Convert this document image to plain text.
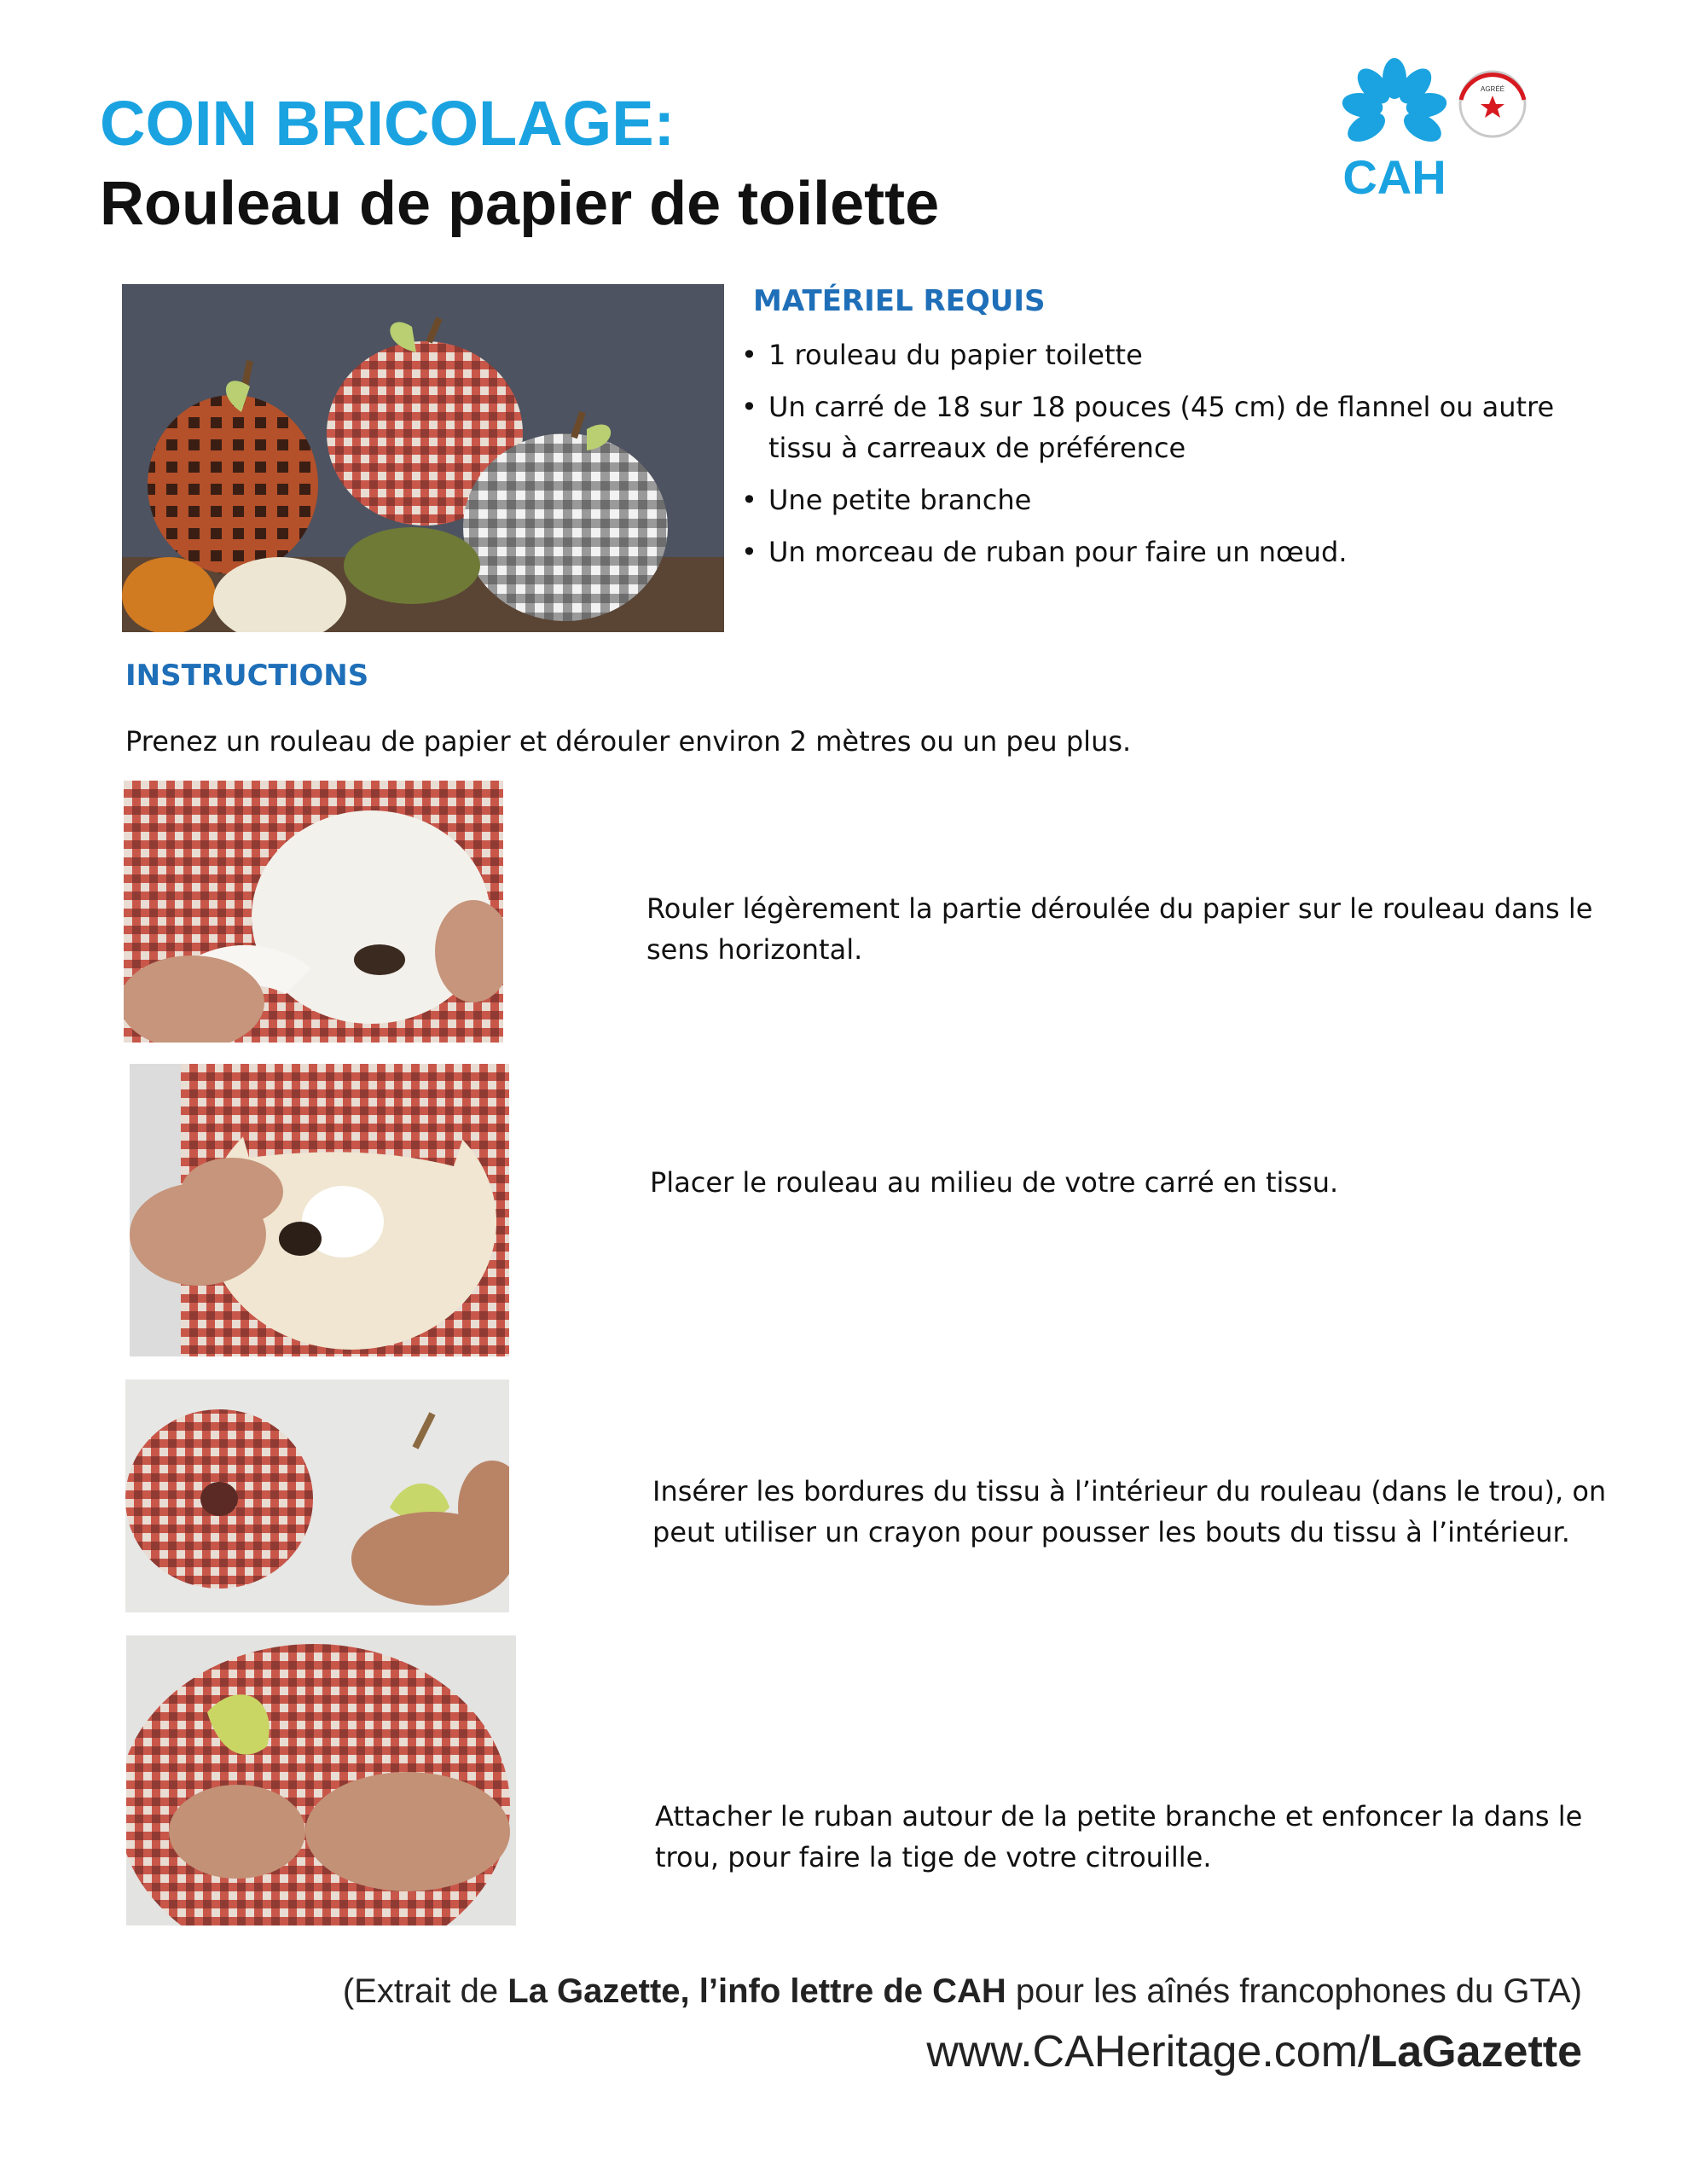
COIN BRICOLAGE:
Rouleau de papier de toilette	CAH
AGRÉÉ
MATÉRIEL REQUIS
• 1 rouleau du papier toilette
• Un carré de 18 sur 18 pouces (45 cm) de flannel ou autre tissu à carreaux de préférence
• Une petite branche
• Un morceau de ruban pour faire un nœud.
INSTRUCTIONS
Prenez un rouleau de papier et dérouler environ 2 mètres ou un peu plus.
Rouler légèrement la partie déroulée du papier sur le rouleau dans le sens horizontal.
Placer le rouleau au milieu de votre carré en tissu.
Insérer les bordures du tissu à l’intérieur du rouleau (dans le trou), on peut utiliser un crayon pour pousser les bouts du tissu à l’intérieur.
Attacher le ruban autour de la petite branche et enfoncer la dans le trou, pour faire la tige de votre citrouille.
(Extrait de La Gazette, l’info lettre de CAH pour les aînés francophones du GTA)
www.CAHeritage.com/LaGazette
